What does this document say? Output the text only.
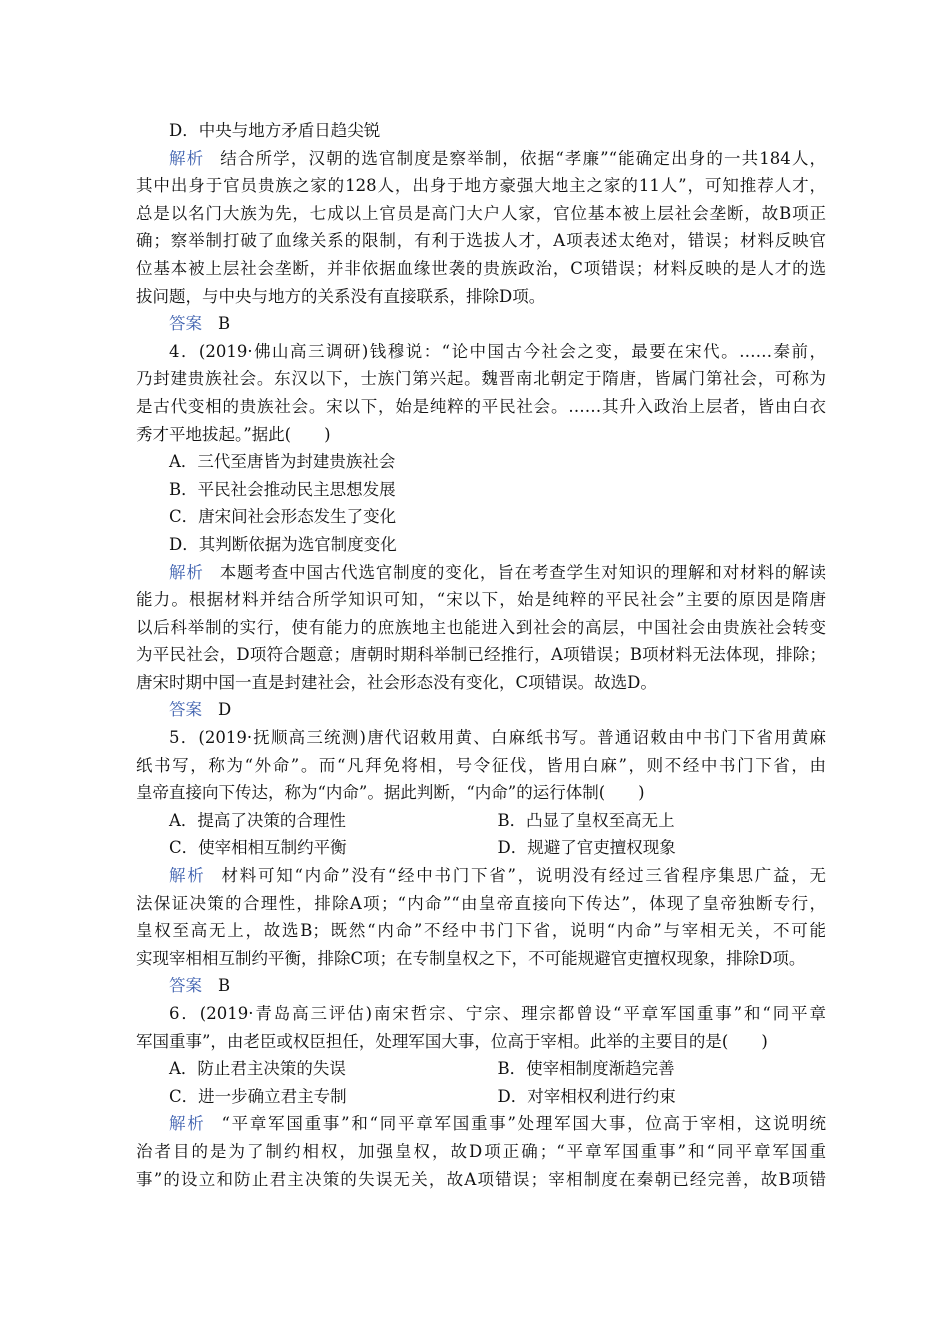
D．中央与地方矛盾日趋尖锐
解析 结合所学，汉朝的选官制度是察举制，依据“孝廉”“能确定出身的一共184人，
其中出身于官员贵族之家的128人，出身于地方豪强大地主之家的11人”，可知推荐人才，
总是以名门大族为先，七成以上官员是高门大户人家，官位基本被上层社会垄断，故B项正
确；察举制打破了血缘关系的限制，有利于选拔人才，A项表述太绝对，错误；材料反映官
位基本被上层社会垄断，并非依据血缘世袭的贵族政治，C项错误；材料反映的是人才的选
拔问题，与中央与地方的关系没有直接联系，排除D项。
答案 B
4．(2019·佛山高三调研)钱穆说：“论中国古今社会之变，最要在宋代。……秦前，
乃封建贵族社会。东汉以下，士族门第兴起。魏晋南北朝定于隋唐，皆属门第社会，可称为
是古代变相的贵族社会。宋以下，始是纯粹的平民社会。……其升入政治上层者，皆由白衣
秀才平地拔起。”据此(　　)
A．三代至唐皆为封建贵族社会
B．平民社会推动民主思想发展
C．唐宋间社会形态发生了变化
D．其判断依据为选官制度变化
解析 本题考查中国古代选官制度的变化，旨在考查学生对知识的理解和对材料的解读
能力。根据材料并结合所学知识可知，“宋以下，始是纯粹的平民社会”主要的原因是隋唐
以后科举制的实行，使有能力的庶族地主也能进入到社会的高层，中国社会由贵族社会转变
为平民社会，D项符合题意；唐朝时期科举制已经推行，A项错误；B项材料无法体现，排除；
唐宋时期中国一直是封建社会，社会形态没有变化，C项错误。故选D。
答案 D
5．(2019·抚顺高三统测)唐代诏敕用黄、白麻纸书写。普通诏敕由中书门下省用黄麻
纸书写，称为“外命”。而“凡拜免将相，号令征伐，皆用白麻”，则不经中书门下省，由
皇帝直接向下传达，称为“内命”。据此判断，“内命”的运行体制(　　)
A．提高了决策的合理性	B．凸显了皇权至高无上
C．使宰相相互制约平衡	D．规避了官吏擅权现象
解析 材料可知“内命”没有“经中书门下省”，说明没有经过三省程序集思广益，无
法保证决策的合理性，排除A项；“内命”“由皇帝直接向下传达”，体现了皇帝独断专行，
皇权至高无上，故选B；既然“内命”不经中书门下省，说明“内命”与宰相无关，不可能
实现宰相相互制约平衡，排除C项；在专制皇权之下，不可能规避官吏擅权现象，排除D项。
答案 B
6．(2019·青岛高三评估)南宋哲宗、宁宗、理宗都曾设“平章军国重事”和“同平章
军国重事”，由老臣或权臣担任，处理军国大事，位高于宰相。此举的主要目的是(　　)
A．防止君主决策的失误	B．使宰相制度渐趋完善
C．进一步确立君主专制	D．对宰相权利进行约束
解析 “平章军国重事”和“同平章军国重事”处理军国大事，位高于宰相，这说明统
治者目的是为了制约相权，加强皇权，故D项正确；“平章军国重事”和“同平章军国重
事”的设立和防止君主决策的失误无关，故A项错误；宰相制度在秦朝已经完善，故B项错
